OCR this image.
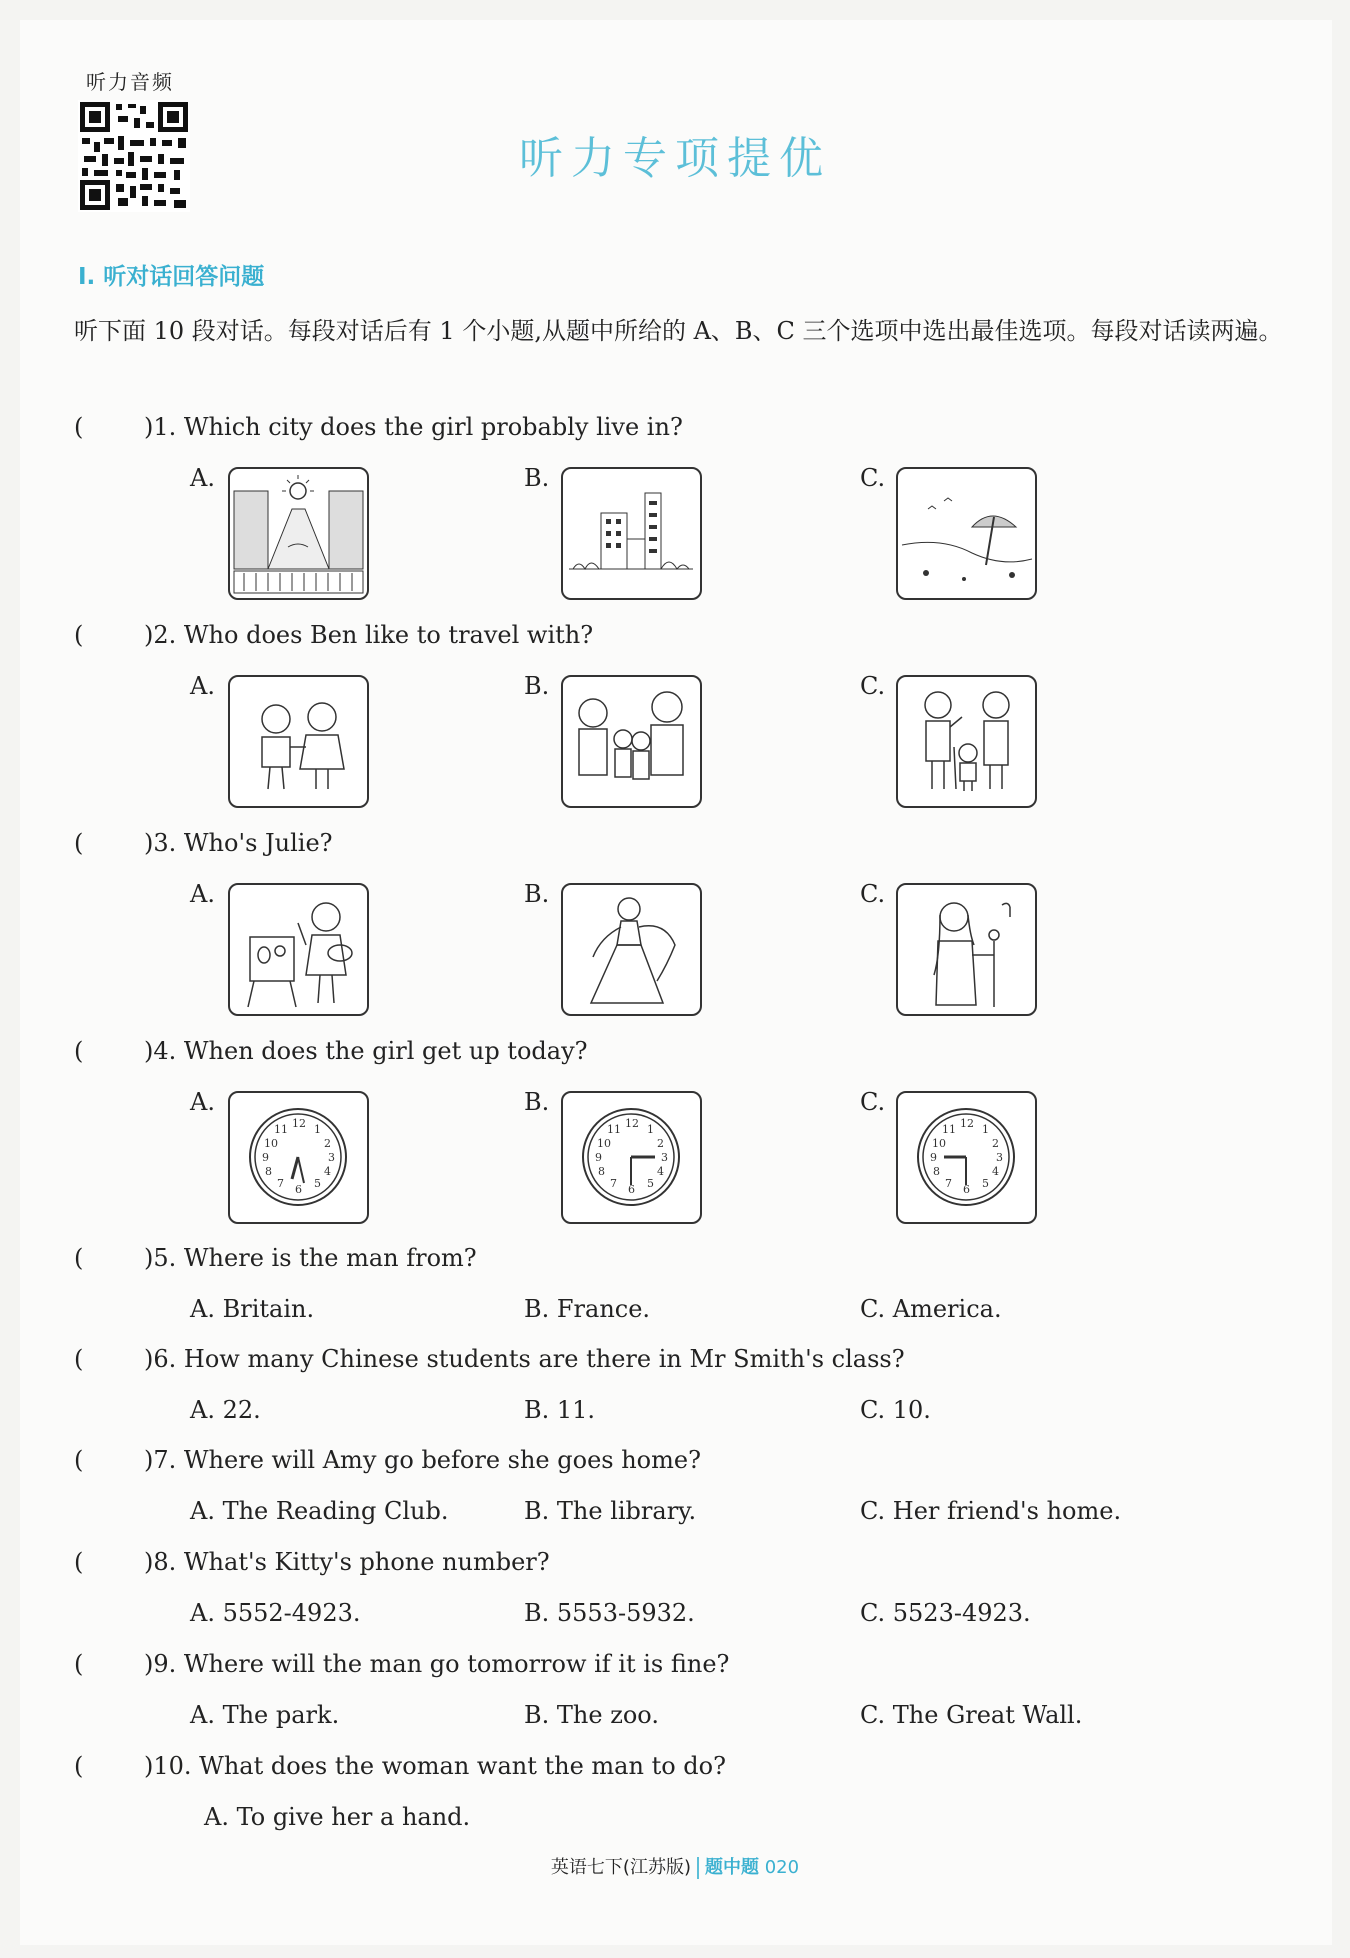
听力音频
听力专项提优
Ⅰ. 听对话回答问题
听下面 10 段对话。每段对话后有 1 个小题,从题中所给的 A、B、C 三个选项中选出最佳选项。每段对话读两遍。
(	)1. Which city does the girl probably live in?
A.	B.	C.
(	)2. Who does Ben like to travel with?
A.	B.	C.
(	)3. Who's Julie?
A.	B.	C.
(	)4. When does the girl get up today?
A.	B.	C.
12 1
2
3
4
5
6
7
8
9
10
11	12 1
2
3
4
5
6
7
8
9
10
11	12 1
2
3
4
5
6
7
8
9
10
11
(	)5. Where is the man from?
A. Britain.	B. France.	C. America.
(	)6. How many Chinese students are there in Mr Smith's class?
A. 22.	B. 11.	C. 10.
(	)7. Where will Amy go before she goes home?
A. The Reading Club.	B. The library.	C. Her friend's home.
(	)8. What's Kitty's phone number?
A. 5552-4923.	B. 5553-5932.	C. 5523-4923.
(	)9. Where will the man go tomorrow if it is fine?
A. The park.	B. The zoo.	C. The Great Wall.
(	)10. What does the woman want the man to do?
A. To give her a hand.
英语七下(江苏版) 题中题 020
